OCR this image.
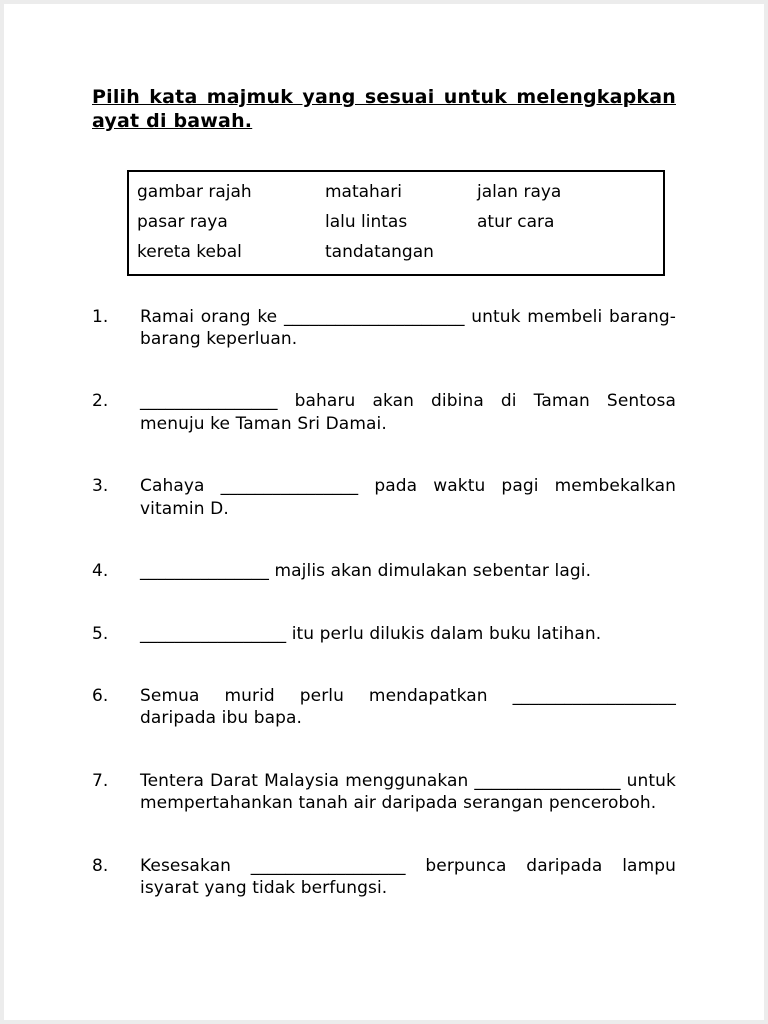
Pilih kata majmuk yang sesuai untuk melengkapkan ayat di bawah.
gambar rajah	matahari	jalan raya
pasar raya	lalu lintas	atur cara
kereta kebal	tandatangan
1.	Ramai orang ke _____________________ untuk membeli barang-barang keperluan.
2.	________________ baharu akan dibina di Taman Sentosa menuju ke Taman Sri Damai.
3.	Cahaya ________________ pada waktu pagi membekalkan vitamin D.
4.	_______________ majlis akan dimulakan sebentar lagi.
5.	_________________ itu perlu dilukis dalam buku latihan.
6.	Semua murid perlu mendapatkan ___________________ daripada ibu bapa.
7.	Tentera Darat Malaysia menggunakan _________________ untuk mempertahankan tanah air daripada serangan penceroboh.
8.	Kesesakan __________________ berpunca daripada lampu isyarat yang tidak berfungsi.
